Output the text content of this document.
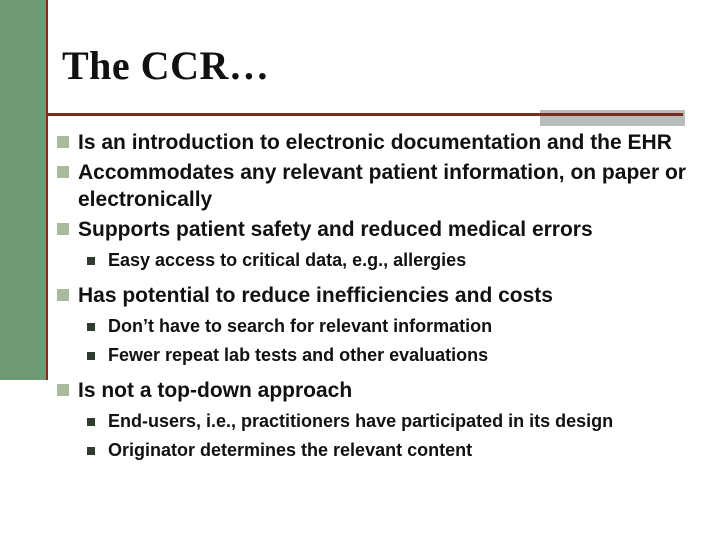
The CCR…
Is an introduction to electronic documentation and the EHR
Accommodates any relevant patient information, on paper or electronically
Supports patient safety and reduced medical errors
Easy access to critical data, e.g., allergies
Has potential to reduce inefficiencies and costs
Don’t have to search for relevant information
Fewer repeat lab tests and other evaluations
Is not a top-down approach
End-users, i.e., practitioners have participated in its design
Originator determines the relevant content
